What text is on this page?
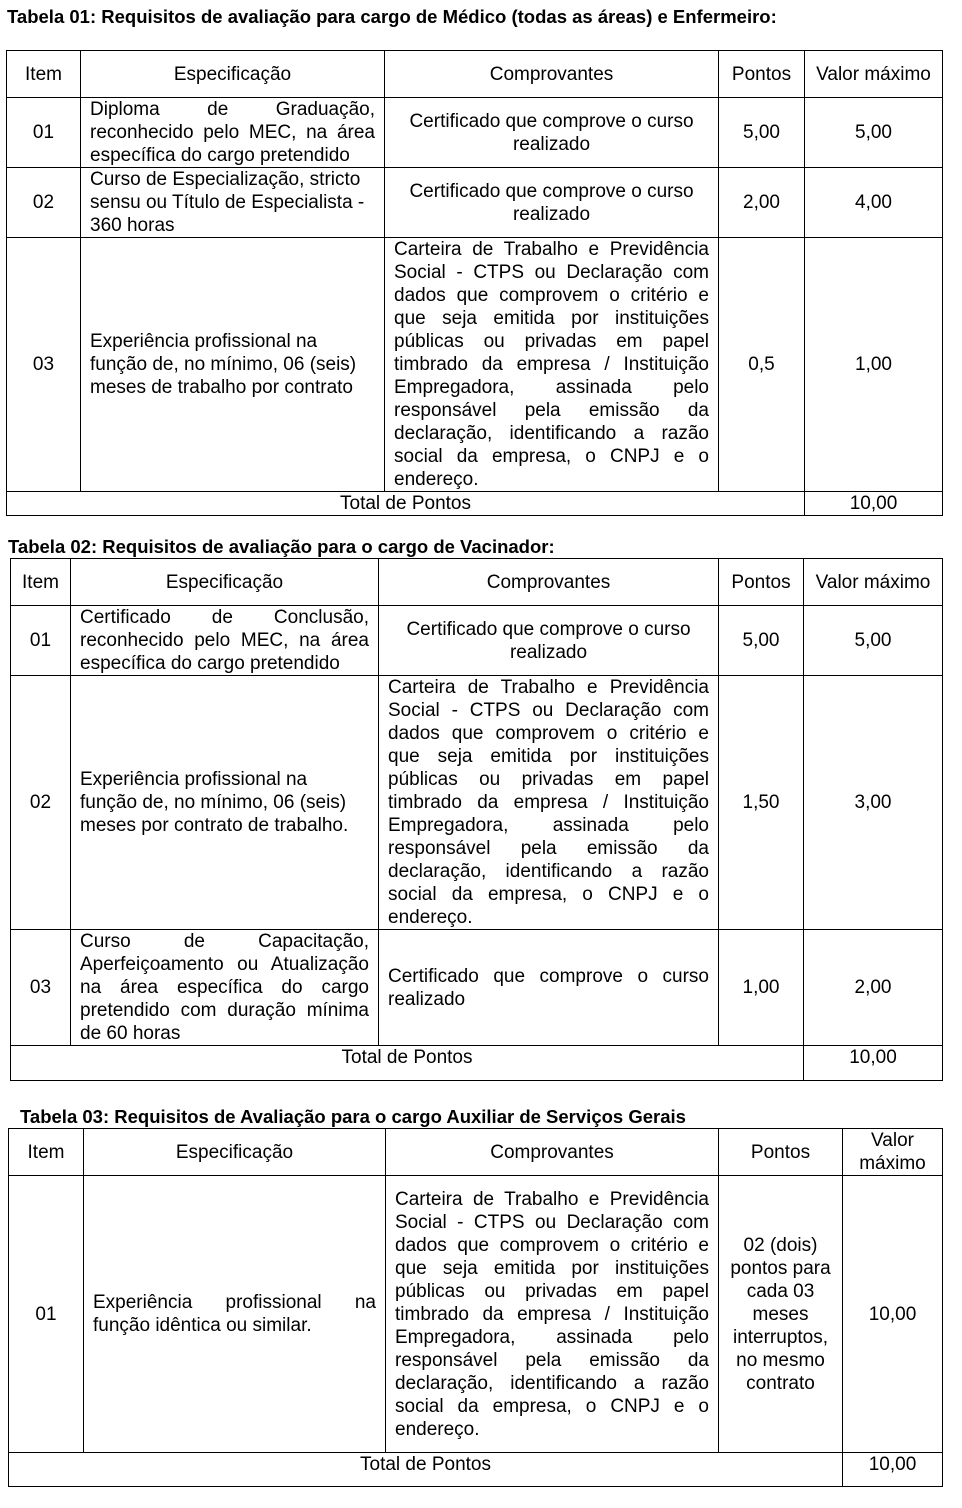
Tabela 01: Requisitos de avaliação para cargo de Médico (todas as áreas) e Enfermeiro:
Item	Especificação	Comprovantes	Pontos	Valor máximo
01	Diploma de Graduação, reconhecido pelo MEC, na área específica do cargo pretendido	Certificado que comprove o curso realizado	5,00	5,00
02	Curso de Especialização, stricto sensu ou Título de Especialista - 360 horas	Certificado que comprove o curso realizado	2,00	4,00
03	Experiência profissional na função de, no mínimo, 06 (seis) meses de trabalho por contrato	Carteira de Trabalho e Previdência Social - CTPS ou Declaração com dados que comprovem o critério e que seja emitida por instituições públicas ou privadas em papel timbrado da empresa / Instituição Empregadora, assinada pelo responsável pela emissão da declaração, identificando a razão social da empresa, o CNPJ e o endereço.	0,5	1,00
Total de Pontos				10,00
Tabela 02: Requisitos de avaliação para o cargo de Vacinador:
Item	Especificação	Comprovantes	Pontos	Valor máximo
01	Certificado de Conclusão, reconhecido pelo MEC, na área específica do cargo pretendido	Certificado que comprove o curso realizado	5,00	5,00
02	Experiência profissional na função de, no mínimo, 06 (seis) meses por contrato de trabalho.	Carteira de Trabalho e Previdência Social - CTPS ou Declaração com dados que comprovem o critério e que seja emitida por instituições públicas ou privadas em papel timbrado da empresa / Instituição Empregadora, assinada pelo responsável pela emissão da declaração, identificando a razão social da empresa, o CNPJ e o endereço.	1,50	3,00
03	Curso de Capacitação, Aperfeiçoamento ou Atualização na área específica do cargo pretendido com duração mínima de 60 horas	Certificado que comprove o curso realizado	1,00	2,00
Total de Pontos				10,00
Tabela 03: Requisitos de Avaliação para o cargo Auxiliar de Serviços Gerais
Item	Especificação	Comprovantes	Pontos	Valor máximo
01	Experiência profissional na função idêntica ou similar.	Carteira de Trabalho e Previdência Social - CTPS ou Declaração com dados que comprovem o critério e que seja emitida por instituições públicas ou privadas em papel timbrado da empresa / Instituição Empregadora, assinada pelo responsável pela emissão da declaração, identificando a razão social da empresa, o CNPJ e o endereço.	02 (dois) pontos para cada 03 meses interruptos, no mesmo contrato	10,00
Total de Pontos				10,00
